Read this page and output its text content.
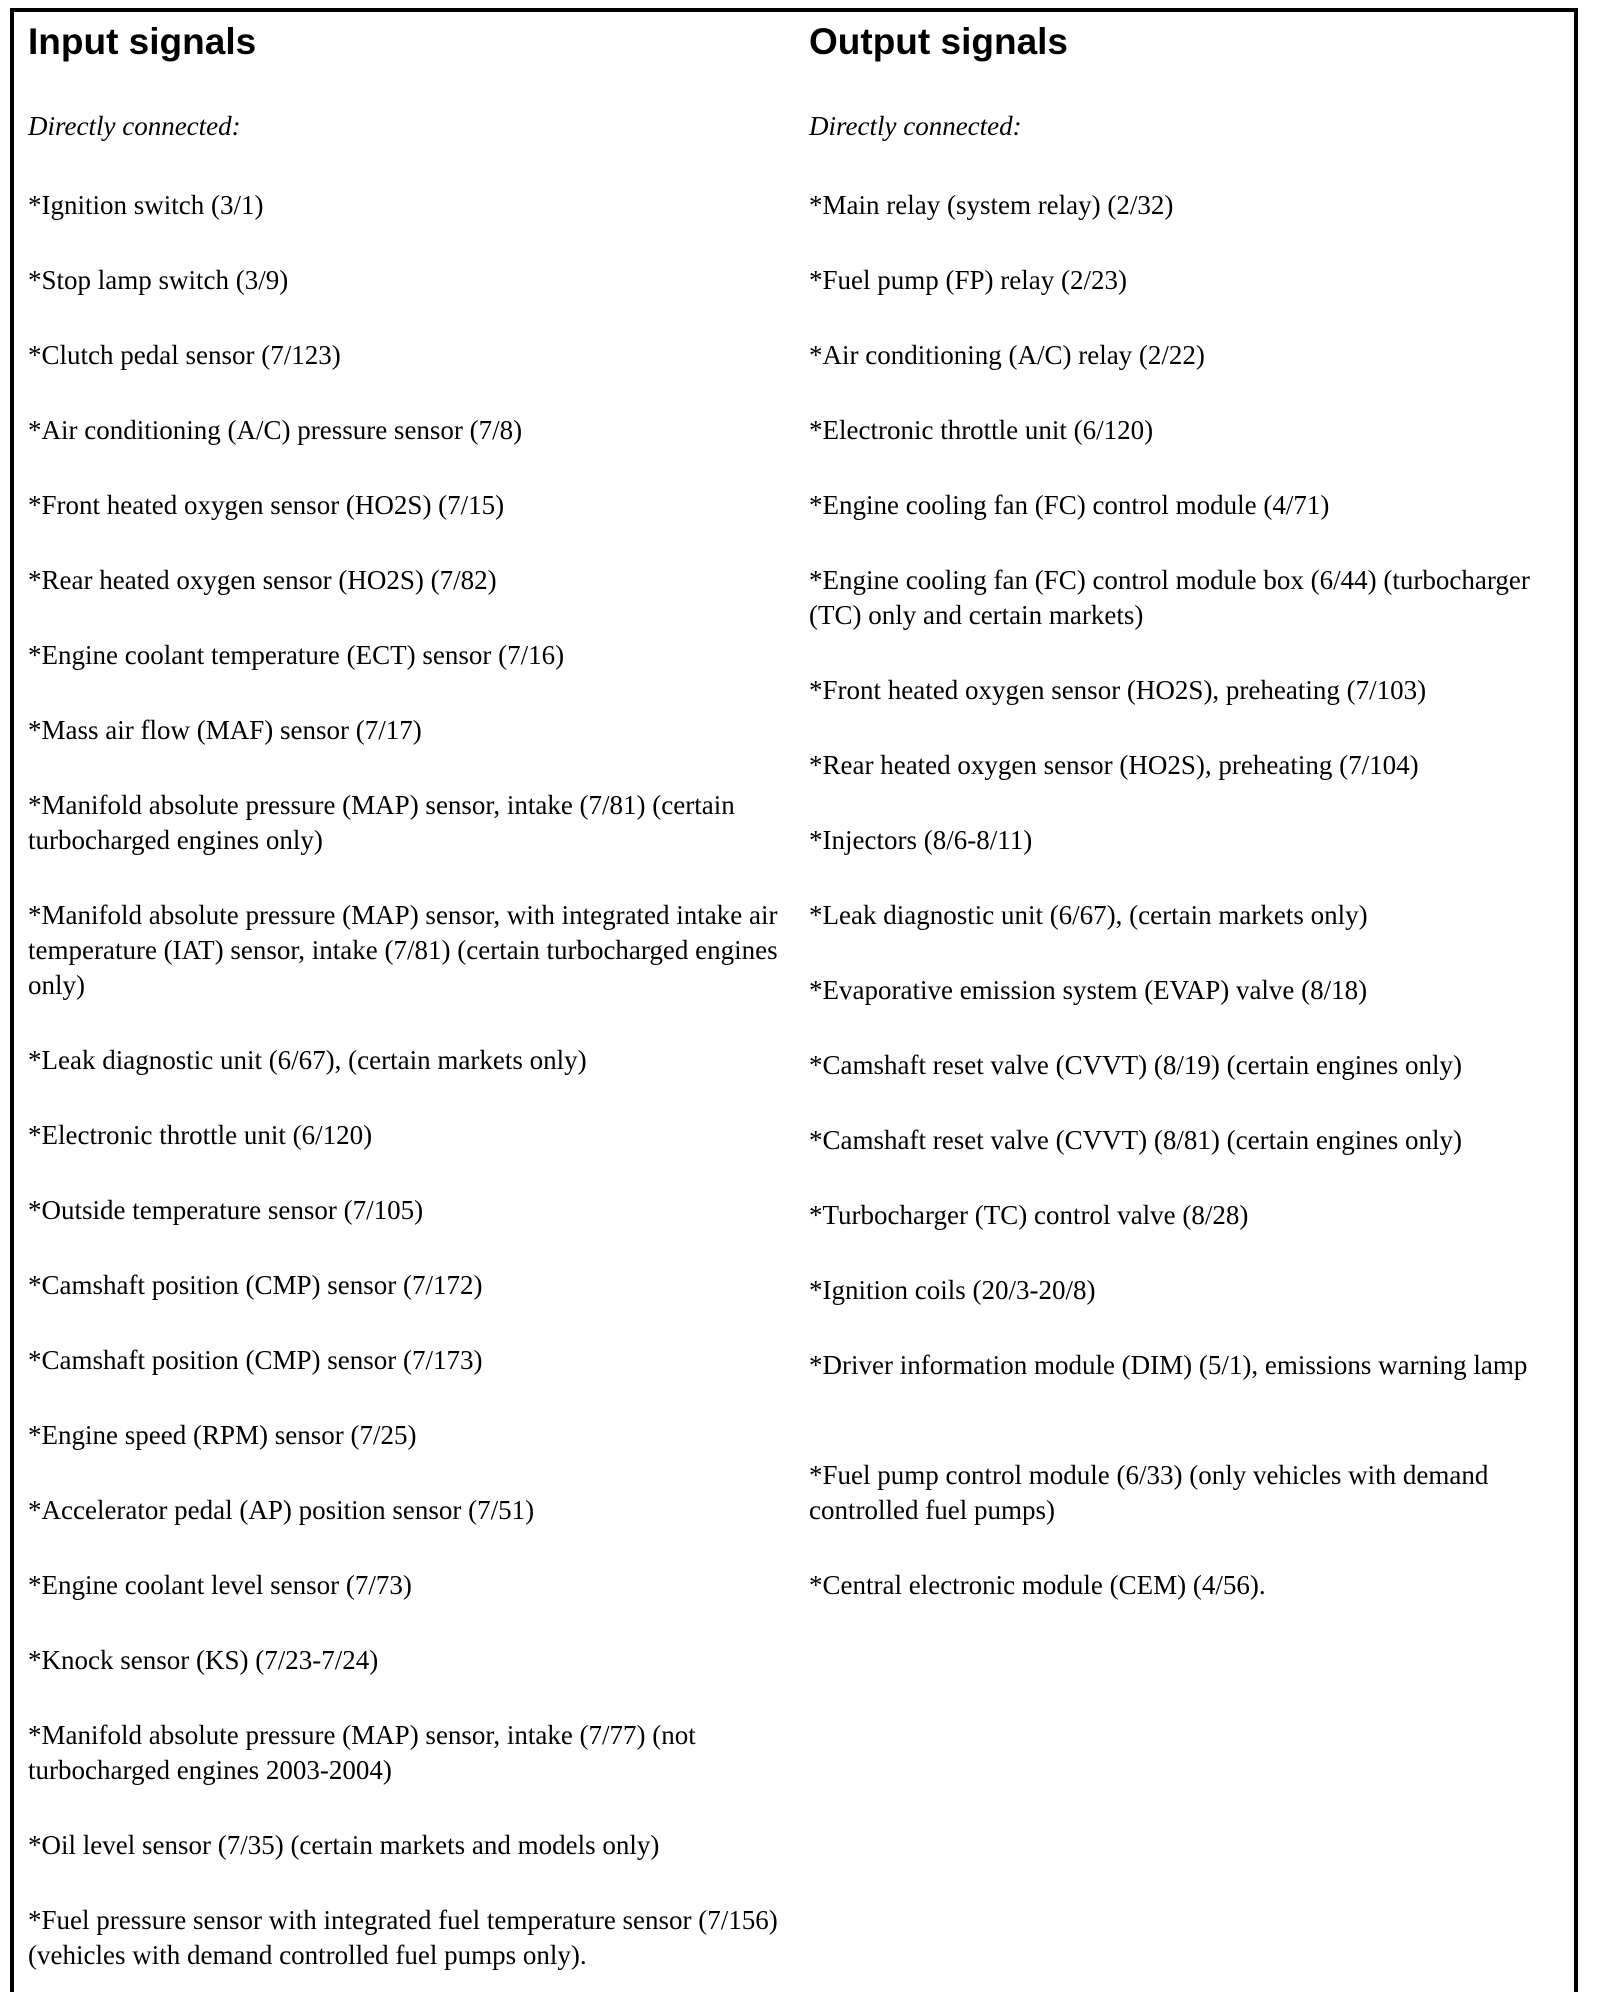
Input signals
Directly connected:
*Ignition switch (3/1)
*Stop lamp switch (3/9)
*Clutch pedal sensor (7/123)
*Air conditioning (A/C) pressure sensor (7/8)
*Front heated oxygen sensor (HO2S) (7/15)
*Rear heated oxygen sensor (HO2S) (7/82)
*Engine coolant temperature (ECT) sensor (7/16)
*Mass air flow (MAF) sensor (7/17)
*Manifold absolute pressure (MAP) sensor, intake (7/81) (certain turbocharged engines only)
*Manifold absolute pressure (MAP) sensor, with integrated intake air temperature (IAT) sensor, intake (7/81) (certain turbocharged engines only)
*Leak diagnostic unit (6/67), (certain markets only)
*Electronic throttle unit (6/120)
*Outside temperature sensor (7/105)
*Camshaft position (CMP) sensor (7/172)
*Camshaft position (CMP) sensor (7/173)
*Engine speed (RPM) sensor (7/25)
*Accelerator pedal (AP) position sensor (7/51)
*Engine coolant level sensor (7/73)
*Knock sensor (KS) (7/23-7/24)
*Manifold absolute pressure (MAP) sensor, intake (7/77) (not turbocharged engines 2003-2004)
*Oil level sensor (7/35) (certain markets and models only)
*Fuel pressure sensor with integrated fuel temperature sensor (7/156) (vehicles with demand controlled fuel pumps only).
Output signals
Directly connected:
*Main relay (system relay) (2/32)
*Fuel pump (FP) relay (2/23)
*Air conditioning (A/C) relay (2/22)
*Electronic throttle unit (6/120)
*Engine cooling fan (FC) control module (4/71)
*Engine cooling fan (FC) control module box (6/44) (turbocharger (TC) only and certain markets)
*Front heated oxygen sensor (HO2S), preheating (7/103)
*Rear heated oxygen sensor (HO2S), preheating (7/104)
*Injectors (8/6-8/11)
*Leak diagnostic unit (6/67), (certain markets only)
*Evaporative emission system (EVAP) valve (8/18)
*Camshaft reset valve (CVVT) (8/19) (certain engines only)
*Camshaft reset valve (CVVT) (8/81) (certain engines only)
*Turbocharger (TC) control valve (8/28)
*Ignition coils (20/3-20/8)
*Driver information module (DIM) (5/1), emissions warning lamp
*Fuel pump control module (6/33) (only vehicles with demand controlled fuel pumps)
*Central electronic module (CEM) (4/56).
